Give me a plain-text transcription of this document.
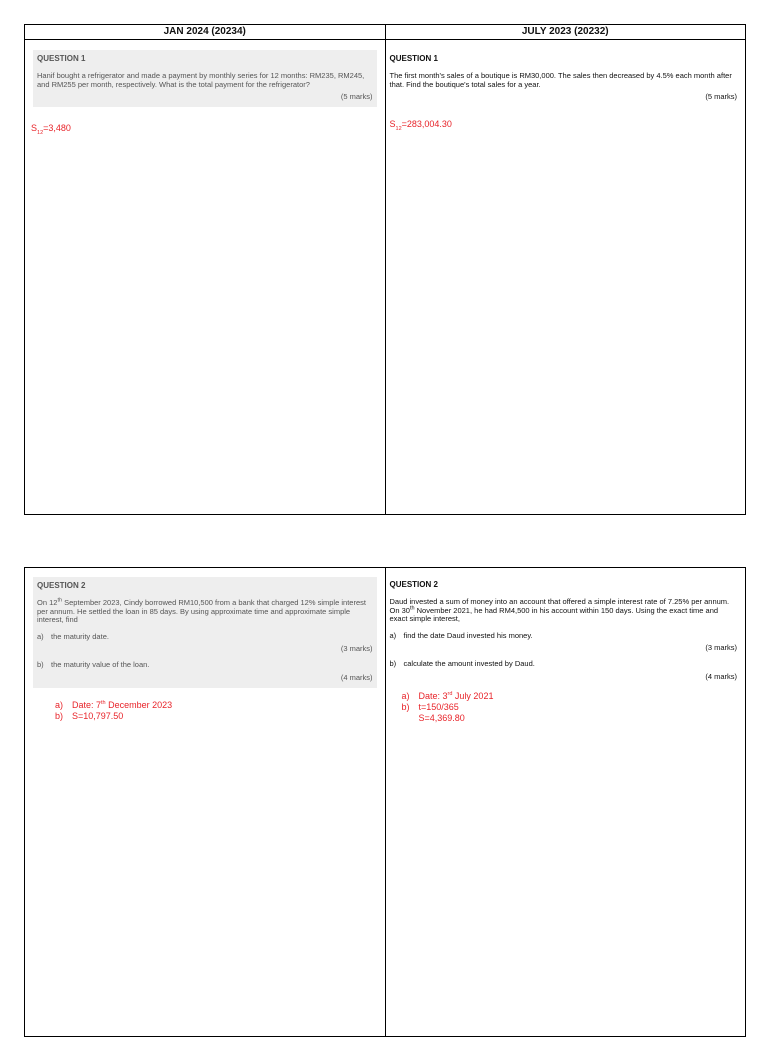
JAN 2024 (20234)	JULY 2023 (20232)
QUESTION 1
Hanif bought a refrigerator and made a payment by monthly series for 12 months: RM235, RM245, and RM255 per month, respectively. What is the total payment for the refrigerator?
(5 marks)
$S_{12}=3,480$
QUESTION 1
The first month's sales of a boutique is RM30,000. The sales then decreased by 4.5% each month after that. Find the boutique's total sales for a year.
(5 marks)
$S_{12}=283,004.30$
QUESTION 2
On 12th September 2023, Cindy borrowed RM10,500 from a bank that charged 12% simple interest per annum. He settled the loan in 85 days. By using approximate time and approximate simple interest, find
a) the maturity date.
(3 marks)
b) the maturity value of the loan.
(4 marks)
a) Date: 7th December 2023
b) S=10,797.50
QUESTION 2
Daud invested a sum of money into an account that offered a simple interest rate of 7.25% per annum. On 30th November 2021, he had RM4,500 in his account within 150 days. Using the exact time and exact simple interest,
a) find the date Daud invested his money.
(3 marks)
b) calculate the amount invested by Daud.
(4 marks)
a) Date: 3rd July 2021
b) t=150/365
S=4,369.80
